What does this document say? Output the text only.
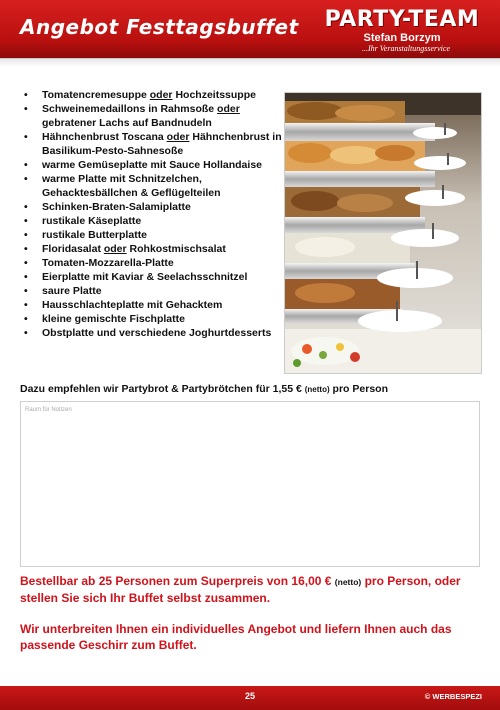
Angebot Festtagsbuffet PARTY-TEAM
Stefan Borzym
...Ihr Veranstaltungsservice
• Tomatencremesuppe oder Hochzeitssuppe
• Schweinemedaillons in Rahmsoße oder gebratener Lachs auf Bandnudeln
• Hähnchenbrust Toscana oder Hähnchenbrust in Basilikum-Pesto-Sahnesoße
• warme Gemüseplatte mit Sauce Hollandaise
• warme Platte mit Schnitzelchen, Gehacktesbällchen & Geflügelteilen
• Schinken-Braten-Salamiplatte
• rustikale Käseplatte
• rustikale Butterplatte
• Floridasalat oder Rohkostmischsalat
• Tomaten-Mozzarella-Platte
• Eierplatte mit Kaviar & Seelachsschnitzel
• saure Platte
• Hausschlachteplatte mit Gehacktem
• kleine gemischte Fischplatte
• Obstplatte und verschiedene Joghurtdesserts
Dazu empfehlen wir Partybrot & Partybrötchen für 1,55 € (netto) pro Person
Raum für Notizen
Bestellbar ab 25 Personen zum Superpreis von 16,00 € (netto) pro Person, oder stellen Sie sich Ihr Buffet selbst zusammen.
Wir unterbreiten Ihnen ein individuelles Angebot und liefern Ihnen auch das passende Geschirr zum Buffet.
25	© WERBESPEZI
